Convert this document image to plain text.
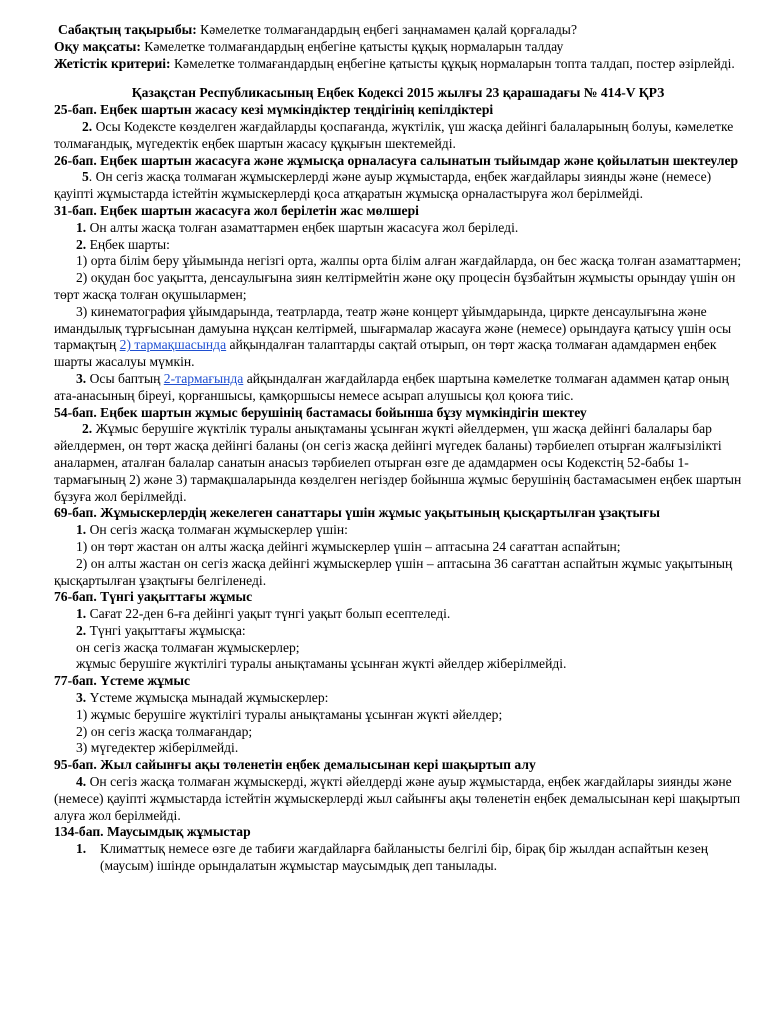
Сабақтың тақырыбы: Кәмелетке толмағандардың еңбегі заңнамамен қалай қорғалады?

Оқу мақсаты: Кәмелетке толмағандардың еңбегіне қатысты құқық нормаларын талдау

Жетістік критериі: Кәмелетке толмағандардың еңбегіне қатысты құқық нормаларын топта талдап, постер әзірлейді.

Қазақстан Республикасының Еңбек Кодексі 2015 жылғы 23 қарашадағы № 414-V ҚРЗ

25-бап. Еңбек шартын жасасу кезі мүмкіндіктер теңдігінің кепілдіктері

2. Осы Кодексте көзделген жағдайларды қоспағанда, жүктілік, үш жасқа дейінгі балаларының болуы, кәмелетке толмағандық, мүгедектік еңбек шартын жасасу құқығын шектемейді.

26-бап. Еңбек шартын жасасуға және жұмысқа орналасуға салынатын тыйымдар және қойылатын шектеулер

5. Он сегіз жасқа толмаған жұмыскерлерді және ауыр жұмыстарда, еңбек жағдайлары зиянды және (немесе) қауіпті жұмыстарда істейтін жұмыскерлерді қоса атқаратын жұмысқа орналастыруға жол берілмейді.

31-бап. Еңбек шартын жасасуға жол берілетін жас мөлшері

1. Он алты жасқа толған азаматтармен еңбек шартын жасасуға жол беріледі.

2. Еңбек шарты:

1) орта білім беру ұйымында негізгі орта, жалпы орта білім алған жағдайларда, он бес жасқа толған азаматтармен;

2) оқудан бос уақытта, денсаулығына зиян келтірмейтін және оқу процесін бұзбайтын жұмысты орындау үшін он төрт жасқа толған оқушылармен;

3) кинематография ұйымдарында, театрларда, театр және концерт ұйымдарында, циркте денсаулығына және имандылық тұрғысынан дамуына нұқсан келтірмей, шығармалар жасауға және (немесе) орындауға қатысу үшін осы тармақтың 2) тармақшасында айқындалған талаптарды сақтай отырып, он төрт жасқа толмаған адамдармен еңбек шарты жасалуы мүмкін.

3. Осы баптың 2-тармағында айқындалған жағдайларда еңбек шартына кәмелетке толмаған адаммен қатар оның ата-анасының біреуі, қорғаншысы, қамқоршысы немесе асырап алушысы қол қоюға тиіс.

54-бап. Еңбек шартын жұмыс берушінің бастамасы бойынша бұзу мүмкіндігін шектеу

2. Жұмыс берушіге жүктілік туралы анықтаманы ұсынған жүкті әйелдермен, үш жасқа дейінгі балалары бар әйелдермен, он төрт жасқа дейінгі баланы (он сегіз жасқа дейінгі мүгедек баланы) тәрбиелеп отырған жалғызілікті аналармен, аталған балалар санатын анасыз тәрбиелеп отырған өзге де адамдармен осы Кодекстің 52-бабы 1-тармағының 2) және 3) тармақшаларында көзделген негіздер бойынша жұмыс берушінің бастамасымен еңбек шартын бұзуға жол берілмейді.

69-бап. Жұмыскерлердің жекелеген санаттары үшін жұмыс уақытының қысқартылған ұзақтығы

1. Он сегіз жасқа толмаған жұмыскерлер үшін:

1) он төрт жастан он алты жасқа дейінгі жұмыскерлер үшін – аптасына 24 сағаттан аспайтын;

2) он алты жастан он сегіз жасқа дейінгі жұмыскерлер үшін – аптасына 36 сағаттан аспайтын жұмыс уақытының қысқартылған ұзақтығы белгіленеді.

76-бап. Түнгі уақыттағы жұмыс

1. Сағат 22-ден 6-ға дейінгі уақыт түнгі уақыт болып есептеледі.

2. Түнгі уақыттағы жұмысқа:

он сегіз жасқа толмаған жұмыскерлер;

жұмыс берушіге жүктілігі туралы анықтаманы ұсынған жүкті әйелдер жіберілмейді.

77-бап. Үстеме жұмыс

3. Үстеме жұмысқа мынадай жұмыскерлер:

1) жұмыс берушіге жүктілігі туралы анықтаманы ұсынған жүкті әйелдер;

2) он сегіз жасқа толмағандар;

3) мүгедектер жіберілмейді.

95-бап. Жыл сайынғы ақы төленетін еңбек демалысынан кері шақыртып алу

4. Он сегіз жасқа толмаған жұмыскерді, жүкті әйелдерді және ауыр жұмыстарда, еңбек жағдайлары зиянды және (немесе) қауіпті жұмыстарда істейтін жұмыскерлерді жыл сайынғы ақы төленетін еңбек демалысынан кері шақыртып алуға жол берілмейді.

134-бап. Маусымдық жұмыстар

1. Климаттық немесе өзге де табиғи жағдайларға байланысты белгілі бір, бірақ бір жылдан аспайтын кезең (маусым) ішінде орындалатын жұмыстар маусымдық деп танылады.
